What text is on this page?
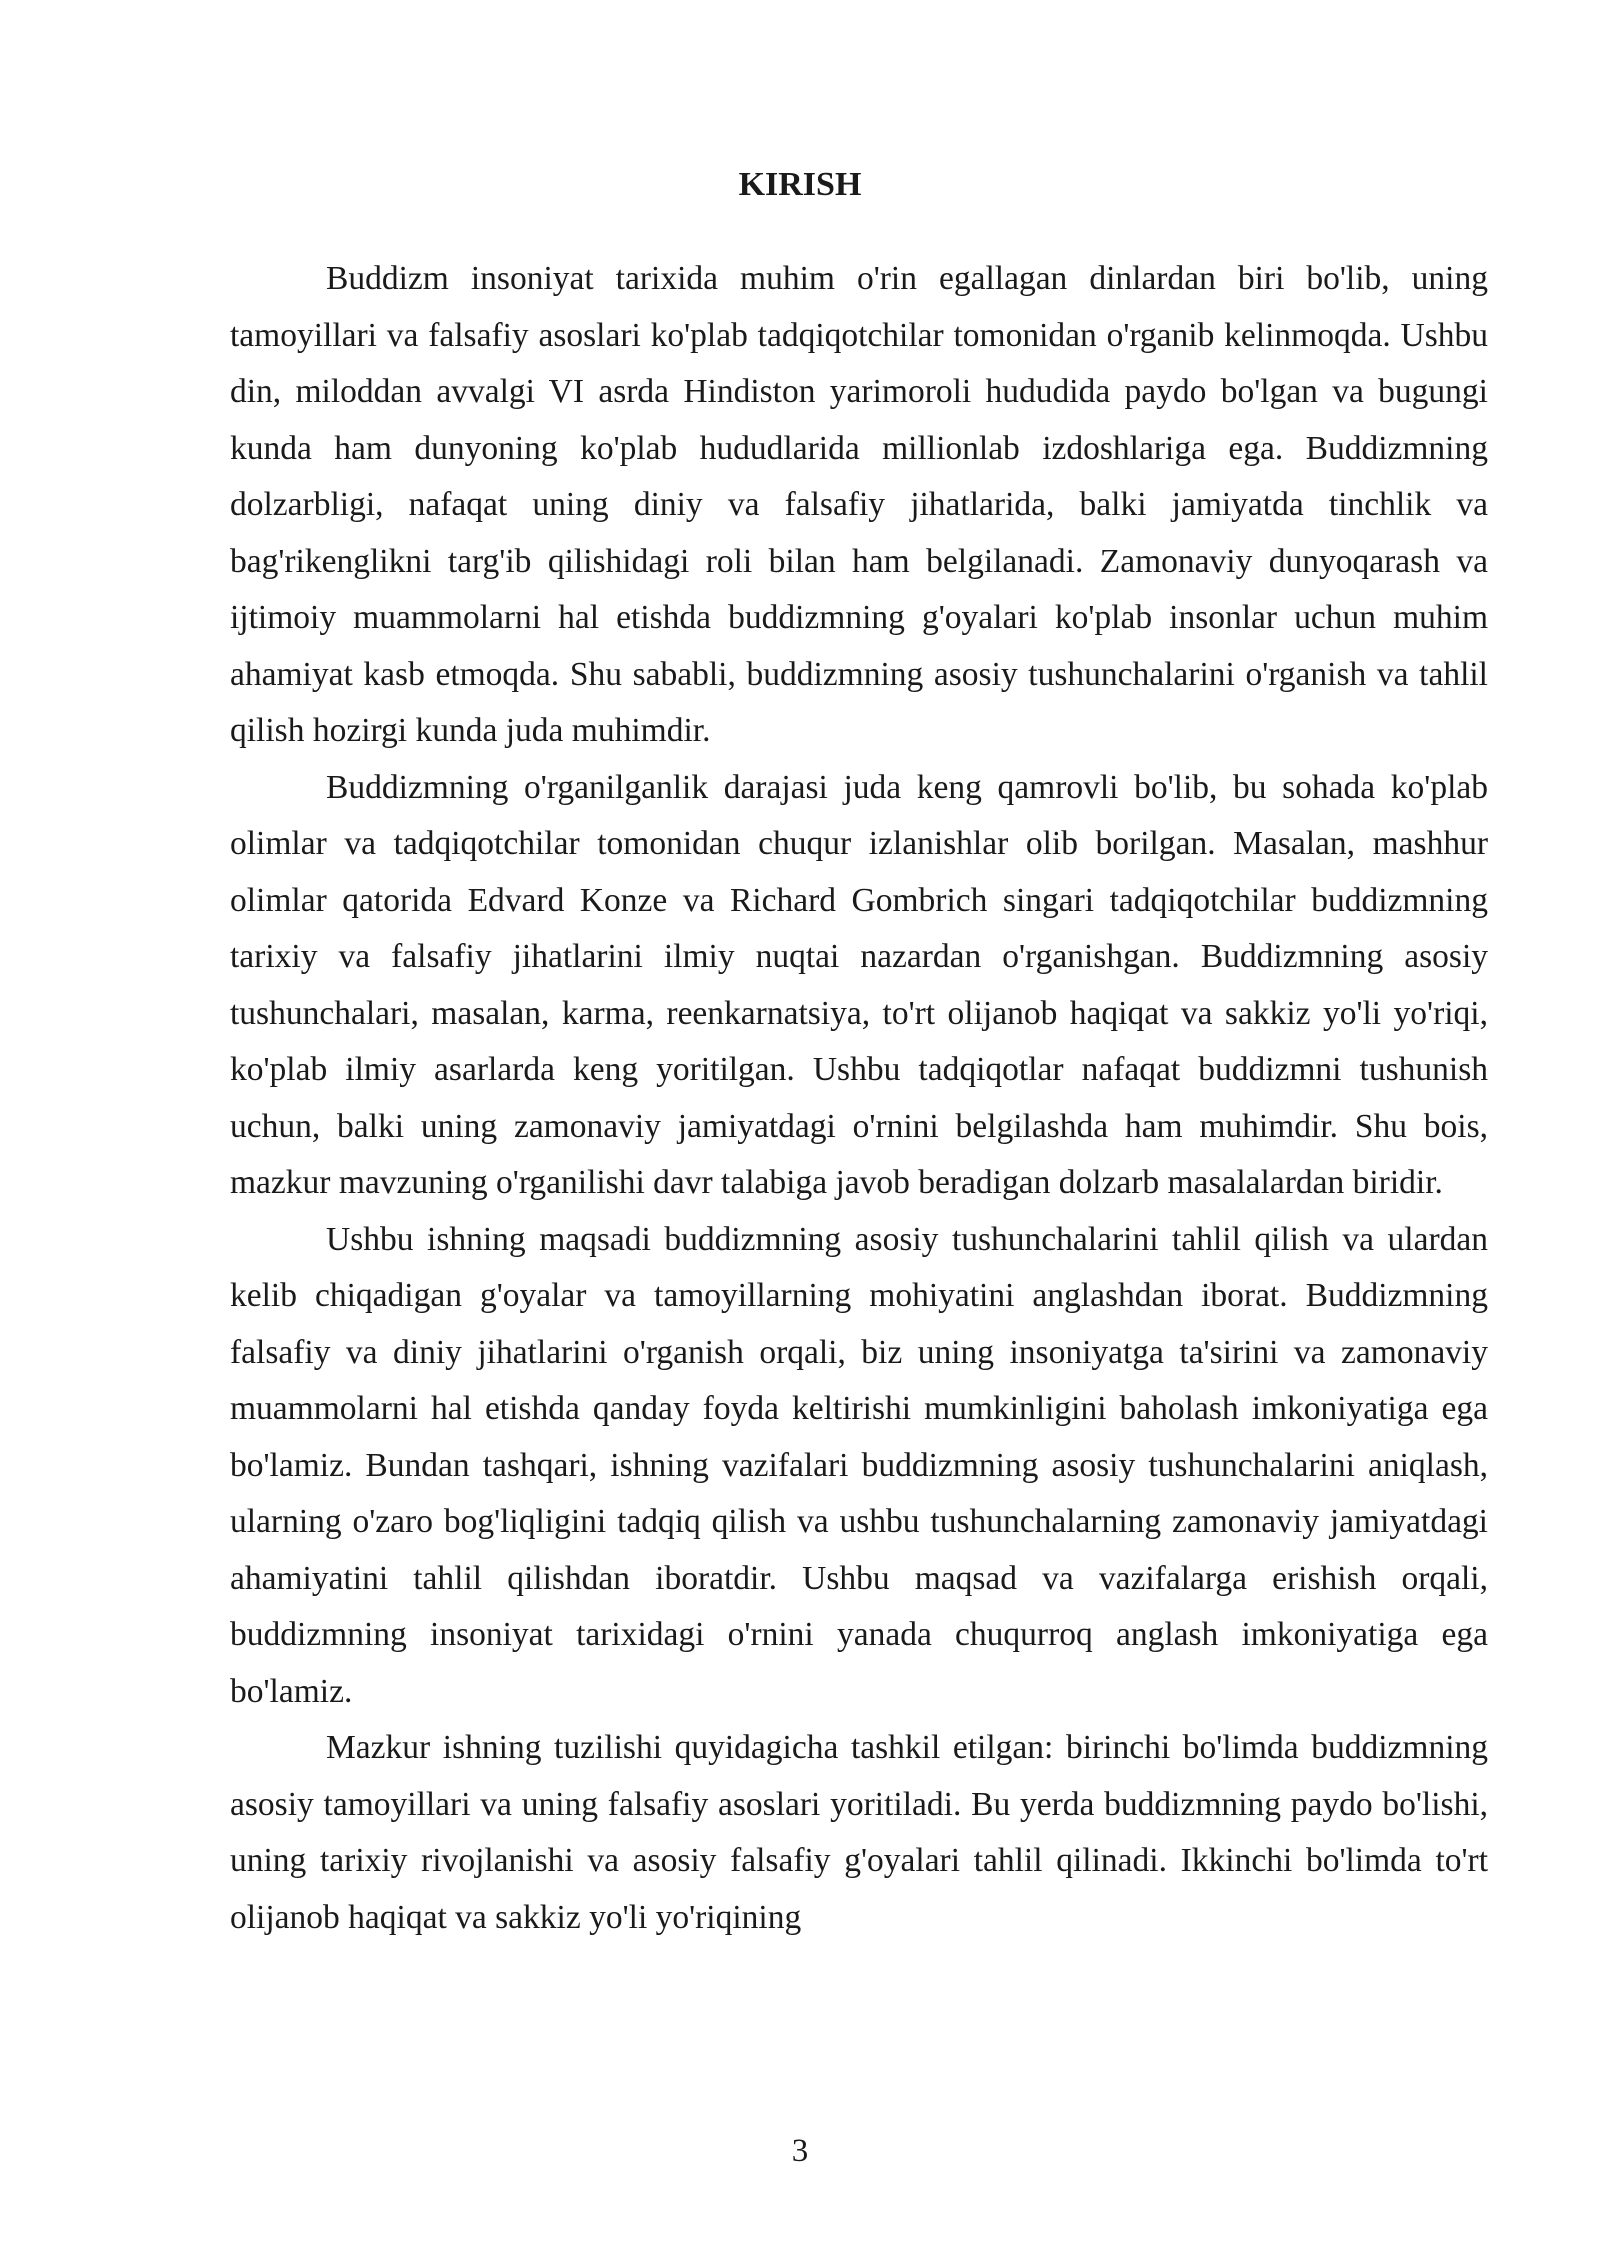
KIRISH

Buddizm insoniyat tarixida muhim o'rin egallagan dinlardan biri bo'lib, uning tamoyillari va falsafiy asoslari ko'plab tadqiqotchilar tomonidan o'rganib kelinmoqda. Ushbu din, miloddan avvalgi VI asrda Hindiston yarimoroli hududida paydo bo'lgan va bugungi kunda ham dunyoning ko'plab hududlarida millionlab izdoshlariga ega. Buddizmning dolzarbligi, nafaqat uning diniy va falsafiy jihatlarida, balki jamiyatda tinchlik va bag'rikenglikni targ'ib qilishidagi roli bilan ham belgilanadi. Zamonaviy dunyoqarash va ijtimoiy muammolarni hal etishda buddizmning g'oyalari ko'plab insonlar uchun muhim ahamiyat kasb etmoqda. Shu sababli, buddizmning asosiy tushunchalarini o'rganish va tahlil qilish hozirgi kunda juda muhimdir.

Buddizmning o'rganilganlik darajasi juda keng qamrovli bo'lib, bu sohada ko'plab olimlar va tadqiqotchilar tomonidan chuqur izlanishlar olib borilgan. Masalan, mashhur olimlar qatorida Edvard Konze va Richard Gombrich singari tadqiqotchilar buddizmning tarixiy va falsafiy jihatlarini ilmiy nuqtai nazardan o'rganishgan. Buddizmning asosiy tushunchalari, masalan, karma, reenkarnatsiya, to'rt olijanob haqiqat va sakkiz yo'li yo'riqi, ko'plab ilmiy asarlarda keng yoritilgan. Ushbu tadqiqotlar nafaqat buddizmni tushunish uchun, balki uning zamonaviy jamiyatdagi o'rnini belgilashda ham muhimdir. Shu bois, mazkur mavzuning o'rganilishi davr talabiga javob beradigan dolzarb masalalardan biridir.

Ushbu ishning maqsadi buddizmning asosiy tushunchalarini tahlil qilish va ulardan kelib chiqadigan g'oyalar va tamoyillarning mohiyatini anglashdan iborat. Buddizmning falsafiy va diniy jihatlarini o'rganish orqali, biz uning insoniyatga ta'sirini va zamonaviy muammolarni hal etishda qanday foyda keltirishi mumkinligini baholash imkoniyatiga ega bo'lamiz. Bundan tashqari, ishning vazifalari buddizmning asosiy tushunchalarini aniqlash, ularning o'zaro bog'liqligini tadqiq qilish va ushbu tushunchalarning zamonaviy jamiyatdagi ahamiyatini tahlil qilishdan iboratdir. Ushbu maqsad va vazifalarga erishish orqali, buddizmning insoniyat tarixidagi o'rnini yanada chuqurroq anglash imkoniyatiga ega bo'lamiz.

Mazkur ishning tuzilishi quyidagicha tashkil etilgan: birinchi bo'limda buddizmning asosiy tamoyillari va uning falsafiy asoslari yoritiladi. Bu yerda buddizmning paydo bo'lishi, uning tarixiy rivojlanishi va asosiy falsafiy g'oyalari tahlil qilinadi. Ikkinchi bo'limda to'rt olijanob haqiqat va sakkiz yo'li yo'riqining

3
